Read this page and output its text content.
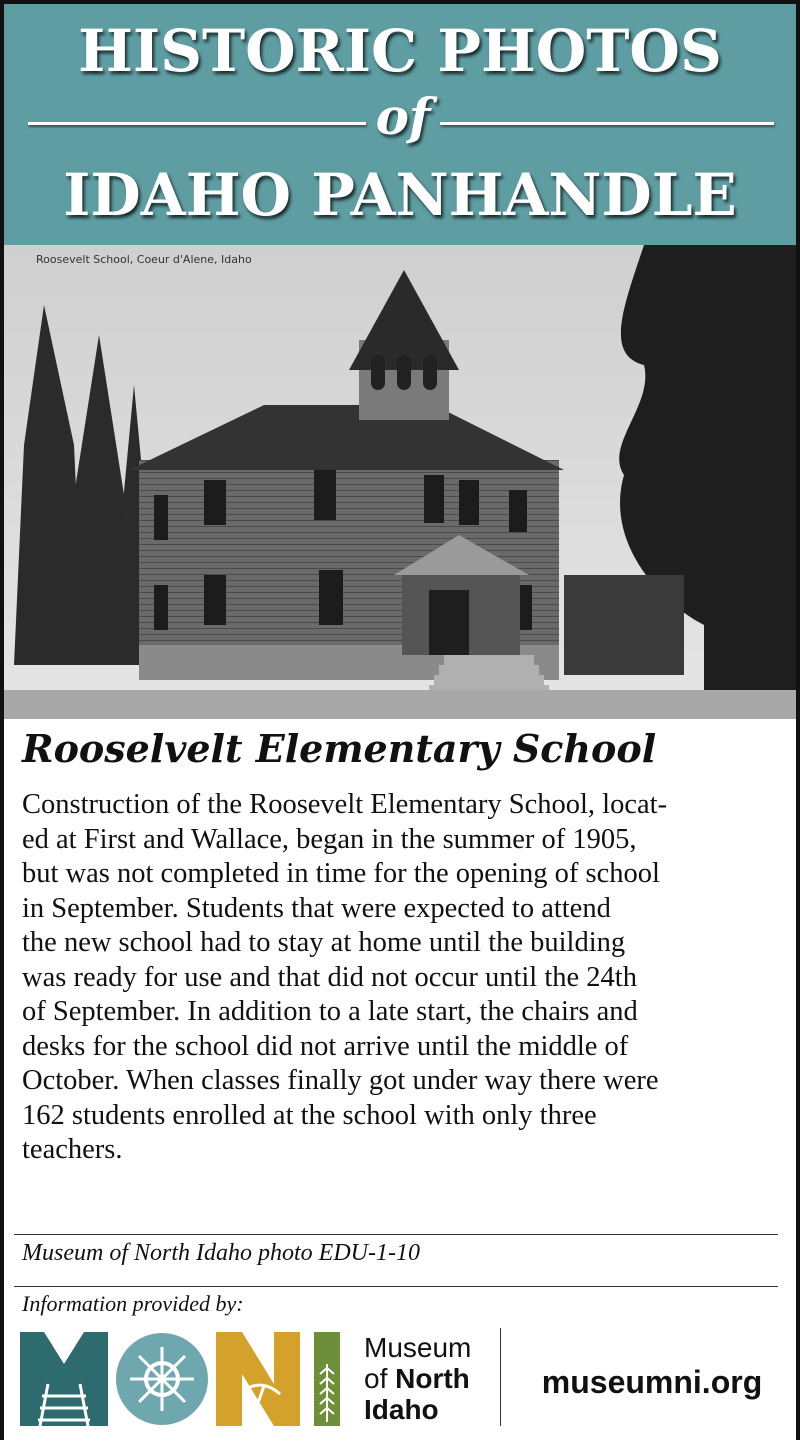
HISTORIC PHOTOS
of
IDAHO PANHANDLE
Roosevelt School, Coeur d'Alene, Idaho
Rooselvelt Elementary School
Construction of the Roosevelt Elementary School, locat-
ed at First and Wallace, began in the summer of 1905,
but was not completed in time for the opening of school
in September. Students that were expected to attend
the new school had to stay at home until the building
was ready for use and that did not occur until the 24th
of September. In addition to a late start, the chairs and
desks for the school did not arrive until the middle of
October. When classes finally got under way there were
162 students enrolled at the school with only three
teachers.
Museum of North Idaho photo EDU-1-10
Information provided by:
Museum
of North
Idaho
museumni.org
